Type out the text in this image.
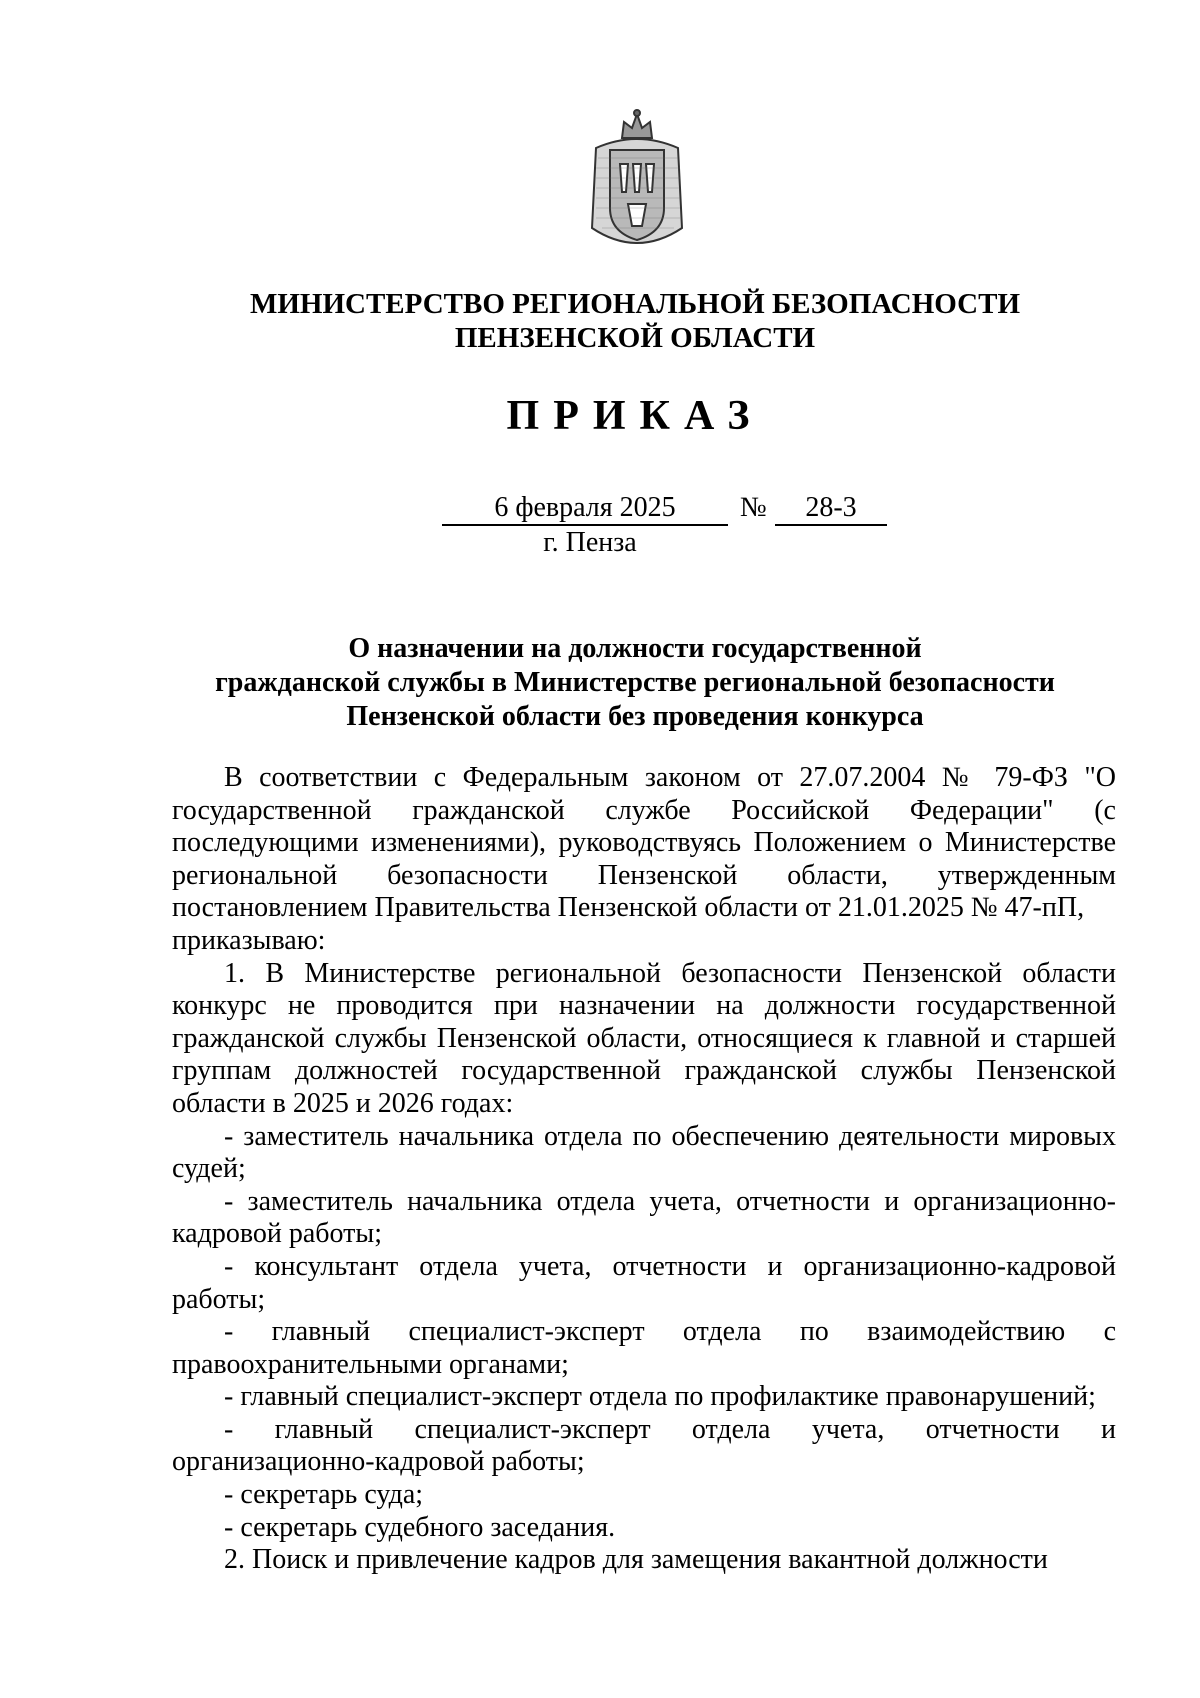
МИНИСТЕРСТВО РЕГИОНАЛЬНОЙ БЕЗОПАСНОСТИ
ПЕНЗЕНСКОЙ ОБЛАСТИ
ПРИКАЗ
6 февраля 2025	№	28-3
г. Пенза
О назначении на должности государственной
гражданской службы в Министерстве региональной безопасности
Пензенской области без проведения конкурса

В соответствии с Федеральным законом от 27.07.2004 № 79-ФЗ "О государственной гражданской службе Российской Федерации" (с последующими изменениями), руководствуясь Положением о Министерстве региональной безопасности Пензенской области, утвержденным постановлением Правительства Пензенской области от 21.01.2025 № 47-пП,

приказываю:

1. В Министерстве региональной безопасности Пензенской области конкурс не проводится при назначении на должности государственной гражданской службы Пензенской области, относящиеся к главной и старшей группам должностей государственной гражданской службы Пензенской области в 2025 и 2026 годах:

- заместитель начальника отдела по обеспечению деятельности мировых судей;

- заместитель начальника отдела учета, отчетности и организационно-кадровой работы;

- консультант отдела учета, отчетности и организационно-кадровой работы;

- главный специалист-эксперт отдела по взаимодействию с правоохранительными органами;

- главный специалист-эксперт отдела по профилактике правонарушений;

- главный специалист-эксперт отдела учета, отчетности и организационно-кадровой работы;

- секретарь суда;

- секретарь судебного заседания.

2. Поиск и привлечение кадров для замещения вакантной должности
